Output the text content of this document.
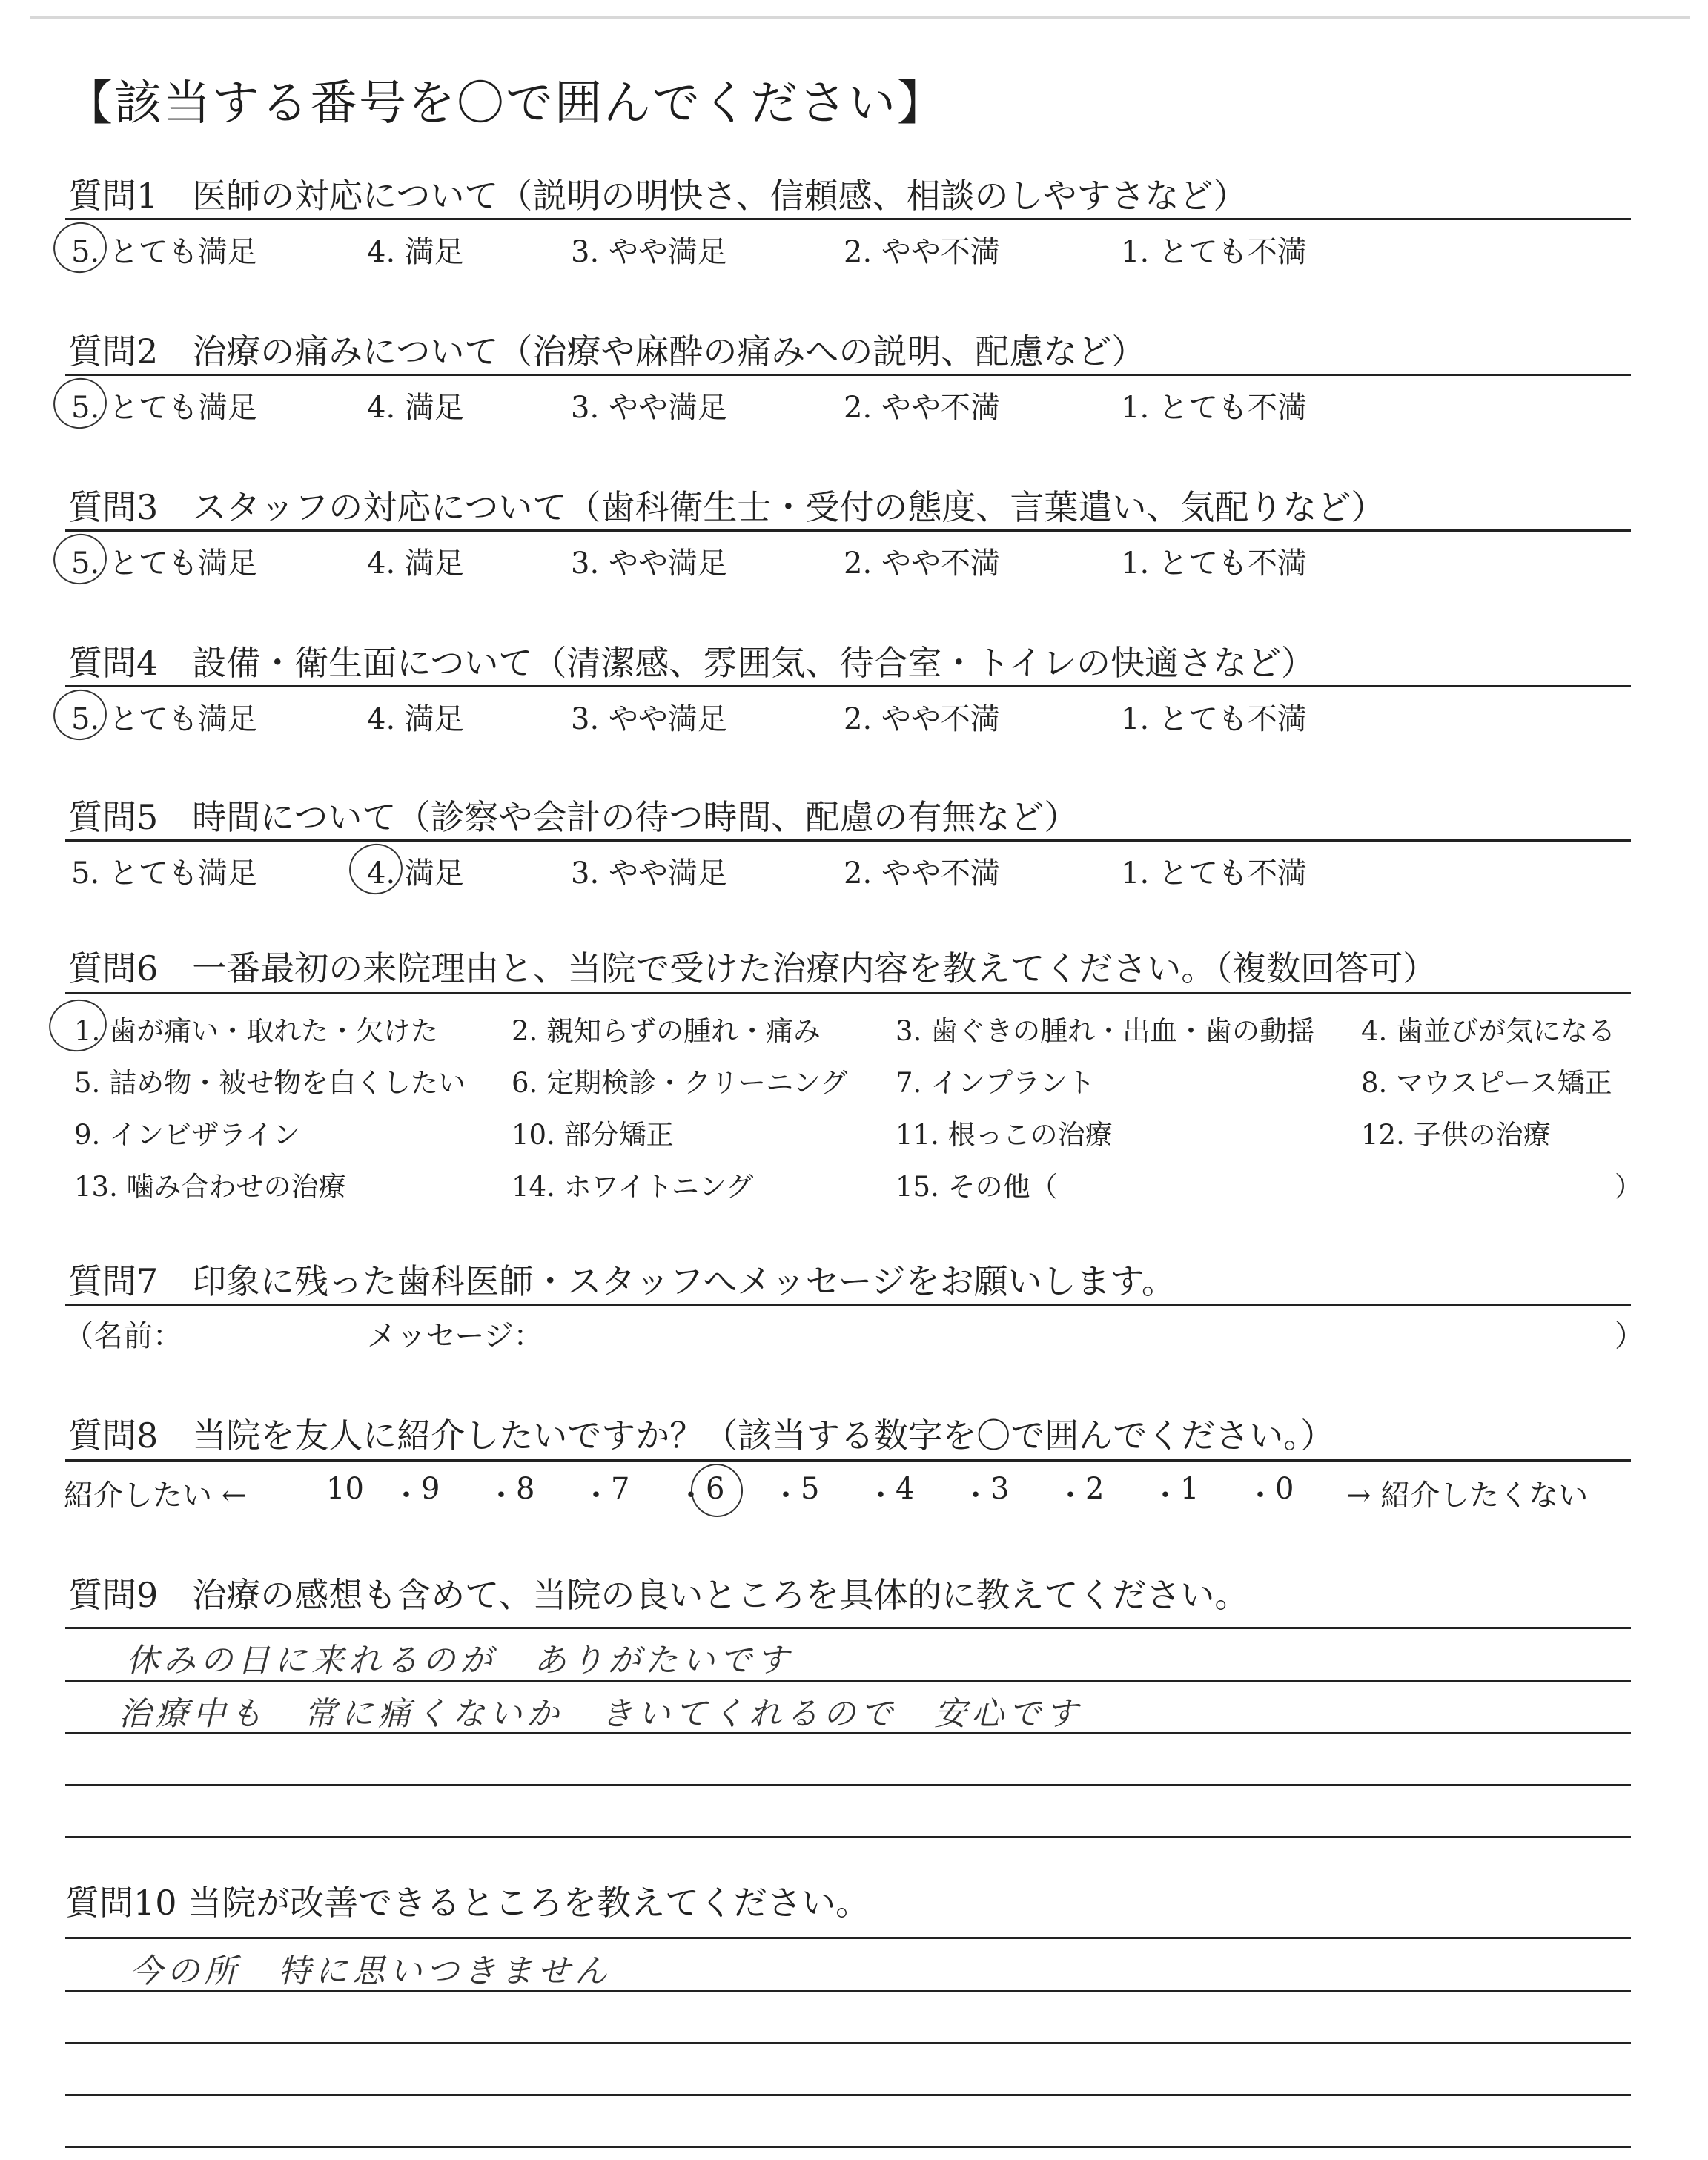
【該当する番号を〇で囲んでください】
質問1　医師の対応について（説明の明快さ、信頼感、相談のしやすさなど）
5. とても満足	4. 満足	3. やや満足	2. やや不満	1. とても不満
質問2　治療の痛みについて（治療や麻酔の痛みへの説明、配慮など）
5. とても満足	4. 満足	3. やや満足	2. やや不満	1. とても不満
質問3　スタッフの対応について（歯科衛生士・受付の態度、言葉遣い、気配りなど）
5. とても満足	4. 満足	3. やや満足	2. やや不満	1. とても不満
質問4　設備・衛生面について（清潔感、雰囲気、待合室・トイレの快適さなど）
5. とても満足	4. 満足	3. やや満足	2. やや不満	1. とても不満
質問5　時間について（診察や会計の待つ時間、配慮の有無など）
5. とても満足	4. 満足	3. やや満足	2. やや不満	1. とても不満
質問6　一番最初の来院理由と、当院で受けた治療内容を教えてください。（複数回答可）
1. 歯が痛い・取れた・欠けた	2. 親知らずの腫れ・痛み	3. 歯ぐきの腫れ・出血・歯の動揺 4. 歯並びが気になる
5. 詰め物・被せ物を白くしたい 6. 定期検診・クリーニング 7. インプラント	8. マウスピース矯正
9. インビザライン	10. 部分矯正	11. 根っこの治療	12. 子供の治療
13. 噛み合わせの治療	14. ホワイトニング	15. その他（	）
質問7　印象に残った歯科医師・スタッフへメッセージをお願いします。
（名前：	メッセージ：	）
質問8　当院を友人に紹介したいですか？（該当する数字を〇で囲んでください。）
紹介したい ←	10 ・ 9 ・ 8 ・ 7 ・ 6 ・ 5 ・ 4 ・ 3 ・ 2 ・ 1 ・ 0 → 紹介したくない
質問9　治療の感想も含めて、当院の良いところを具体的に教えてください。
休みの日に来れるのが　ありがたいです
治療中も　常に痛くないか　きいてくれるので　安心です
質問10 当院が改善できるところを教えてください。
今の所　特に思いつきません
